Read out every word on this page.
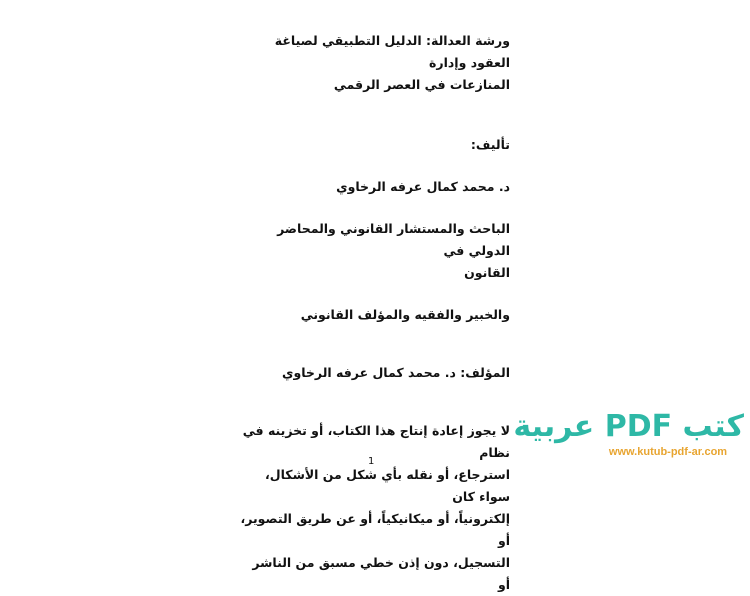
ورشة العدالة: الدليل التطبيقي لصياغة العقود وإدارة
المنازعات في العصر الرقمي

تأليف:

د. محمد كمال عرفه الرخاوي

الباحث والمستشار القانوني والمحاضر الدولي في
القانون

والخبير والفقيه والمؤلف القانوني

المؤلف: د. محمد كمال عرفه الرخاوي

لا يجوز إعادة إنتاج هذا الكتاب، أو تخزينه في نظام
استرجاع، أو نقله بأي شكل من الأشكال، سواء كان
إلكترونياً، أو ميكانيكياً، أو عن طريق التصوير، أو
التسجيل، دون إذن خطي مسبق من الناشر أو

1
كتب PDF عربية
www.kutub-pdf-ar.com
